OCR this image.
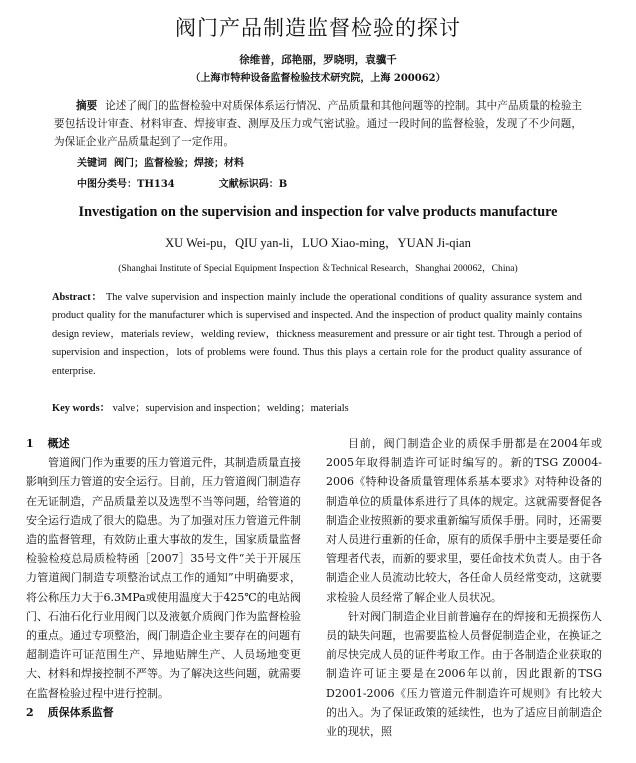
阀门产品制造监督检验的探讨
徐维普，邱艳丽，罗晓明，袁骥千
（上海市特种设备监督检验技术研究院，上海 200062）
摘要 论述了阀门的监督检验中对质保体系运行情况、产品质量和其他问题等的控制。其中产品质量的检验主要包括设计审查、材料审查、焊接审查、测厚及压力或气密试验。通过一段时间的监督检验，发现了不少问题，为保证企业产品质量起到了一定作用。
关键词 阀门；监督检验；焊接；材料
中图分类号：TH134	文献标识码：B
Investigation on the supervision and inspection for valve products manufacture
XU Wei-pu，QIU yan-li，LUO Xiao-ming，YUAN Ji-qian
(Shanghai Institute of Special Equipment Inspection ＆Technical Research，Shanghai 200062，China)
Abstract： The valve supervision and inspection mainly include the operational conditions of quality assurance system and product quality for the manufacturer which is supervised and inspected. And the inspection of product quality mainly contains design review，materials review，welding review，thickness measurement and pressure or air tight test. Through a period of supervision and inspection，lots of problems were found. Thus this plays a certain role for the product quality assurance of enterprise.
Key words： valve；supervision and inspection；welding；materials
1 概述

管道阀门作为重要的压力管道元件，其制造质量直接影响到压力管道的安全运行。目前，压力管道阀门制造存在无证制造，产品质量差以及选型不当等问题，给管道的安全运行造成了很大的隐患。为了加强对压力管道元件制造的监督管理，有效防止重大事故的发生，国家质量监督检验检疫总局质检特函［2007］35号文件“关于开展压力管道阀门制造专项整治试点工作的通知”中明确要求，将公称压力大于6.3MPa或使用温度大于425℃的电站阀门、石油石化行业用阀门以及液氨介质阀门作为监督检验的重点。通过专项整治，阀门制造企业主要存在的问题有超制造许可证范围生产、异地贴牌生产、人员场地变更大、材料和焊接控制不严等。为了解决这些问题，就需要在监督检验过程中进行控制。

2 质保体系监督

目前，阀门制造企业的质保手册都是在2004年或2005年取得制造许可证时编写的。新的TSG Z0004-2006《特种设备质量管理体系基本要求》对特种设备的制造单位的质量体系进行了具体的规定。这就需要督促各制造企业按照新的要求重新编写质保手册。同时，还需要对人员进行重新的任命，原有的质保手册中主要是要任命管理者代表，而新的要求里，要任命技术负责人。由于各制造企业人员流动比较大，各任命人员经常变动，这就要求检验人员经常了解企业人员状况。

针对阀门制造企业目前普遍存在的焊接和无损探伤人员的缺失问题，也需要监检人员督促制造企业，在换证之前尽快完成人员的证件考取工作。由于各制造企业获取的制造许可证主要是在2006年以前，因此跟新的TSG D2001-2006《压力管道元件制造许可规则》有比较大的出入。为了保证政策的延续性，也为了适应目前制造企业的现状，照
